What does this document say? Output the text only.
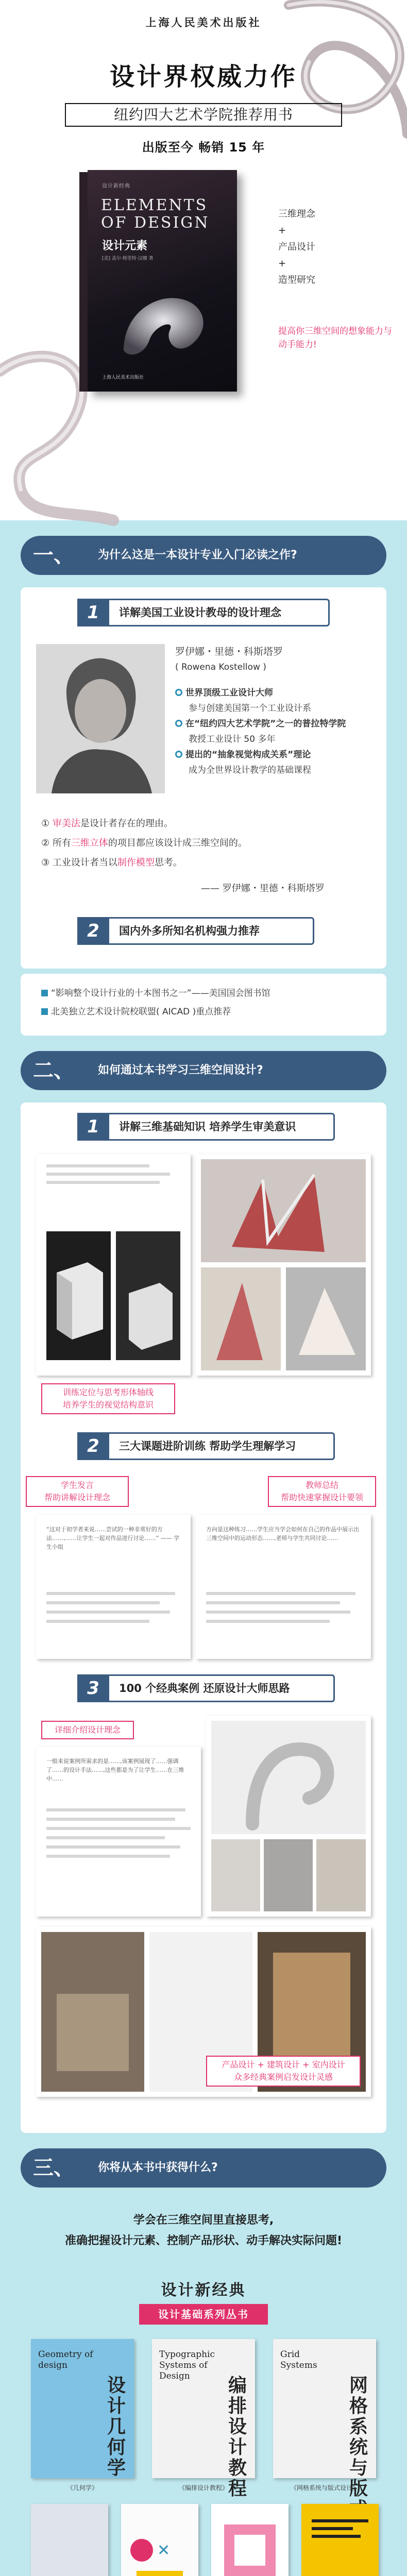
上海人民美术出版社
设计界权威力作
纽约四大艺术学院推荐用书
出版至今 畅销 15 年
设计新经典
ELEMENTS OF DESIGN
设计元素
[美] 盖尔·格里特·汉娜 著
上海人民美术出版社
三维理念
+
产品设计
+
造型研究
提高你三维空间的想象能力与动手能力!
一、	为什么这是一本设计专业入门必读之作?
1	详解美国工业设计教母的设计理念
罗伊娜・里德・科斯塔罗
( Rowena Kostellow )
世界顶级工业设计大师
参与创建美国第一个工业设计系
在“纽约四大艺术学院”之一的普拉特学院
教授工业设计 50 多年
提出的“抽象视觉构成关系”理论
成为全世界设计教学的基础课程
① 审美法是设计者存在的理由。
② 所有三维立体的项目都应该设计成三维空间的。
③ 工业设计者当以制作模型思考。
—— 罗伊娜・里德・科斯塔罗
2	国内外多所知名机构强力推荐
“影响整个设计行业的十本图书之一”——美国国会图书馆
北美独立艺术设计院校联盟( AICAD )重点推荐
二、	如何通过本书学习三维空间设计?
1	讲解三维基础知识 培养学生审美意识
训练定位与思考形体轴线
培养学生的视觉结构意识
2	三大课题进阶训练 帮助学生理解学习
学生发言
帮助讲解设计理念
教师总结
帮助快速掌握设计要领
“这对于初学者来说……尝试的一种非常好的方法……,……让学生一起对作品进行讨论……” —— 学生小组
方向是这种练习……学生应当学会如何在自己的作品中展示出三维空间中的运动形态……,老师与学生共同讨论……
3	100 个经典案例 还原设计大师思路
详细介绍设计理念
一般来说案例所需求的是……,该案例展现了……强调了……的设计手法……,这些都是为了让学生……在三维中……
产品设计 + 建筑设计 + 室内设计
众多经典案例启发设计灵感
三、	你将从本书中获得什么?
学会在三维空间里直接思考,
准确把握设计元素、控制产品形状、动手解决实际问题!
设计新经典
设计基础系列丛书
Geometry of design
设计几何学
Typographic Systems of Design	编排设计教程
Grid Systems
网格系统与版
《几何学》	《编排设计教程》	《网格系统与版式设计》
✕
